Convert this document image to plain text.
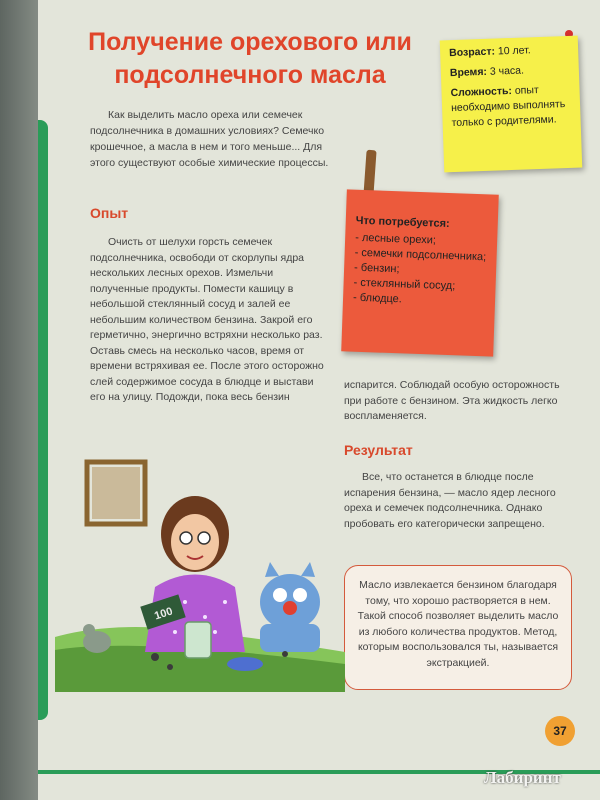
Получение орехового или подсолнечного масла
Как выделить масло ореха или семечек подсолнечника в домашних условиях? Семечко крошечное, а масла в нем и того меньше... Для этого существуют особые химические процессы.
Опыт
Очисть от шелухи горсть семечек подсолнечника, освободи от скорлупы ядра нескольких лесных орехов. Измельчи полученные продукты. Помести кашицу в небольшой стеклянный сосуд и залей ее небольшим количеством бензина. Закрой его герметично, энергично встряхни несколько раз. Оставь смесь на несколько часов, время от времени встряхивая ее. После этого осторожно слей содержимое сосуда в блюдце и выстави его на улицу. Подожди, пока весь бензин
Возраст: 10 лет.
Время: 3 часа.
Сложность: опыт необходимо выполнять только с родителями.
Что потребуется:
- лесные орехи;
- семечки подсолнечника;
- бензин;
- стеклянный сосуд;
- блюдце.
испарится. Соблюдай особую осторожность при работе с бензином. Эта жидкость легко воспламеняется.
Результат
Все, что останется в блюдце после испарения бензина, — масло ядер лесного ореха и семечек подсолнечника. Однако пробовать его категорически запрещено.
Масло извлекается бензином благодаря тому, что хорошо растворяется в нем. Такой способ позволяет выделить масло из любого количества продуктов. Метод, которым воспользовался ты, называется экстракцией.
100
37
Лабиринт
